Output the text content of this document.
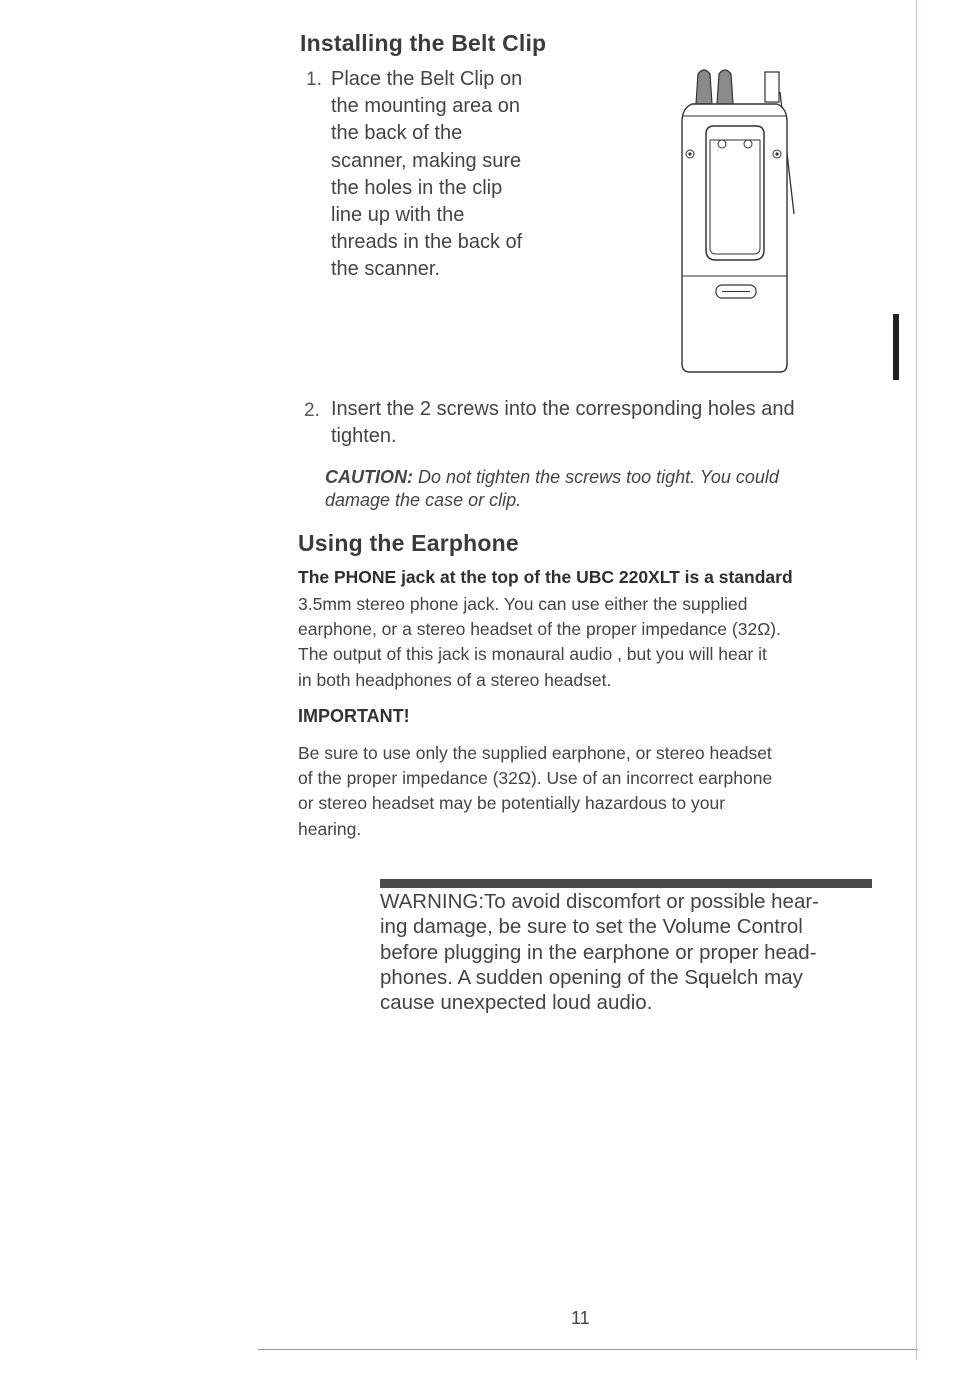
Installing the Belt Clip
1. Place the Belt Clip on
the mounting area on
the back of the
scanner, making sure
the holes in the clip
line up with the
threads in the back of
the scanner.
2. Insert the 2 screws into the corresponding holes and
tighten.
CAUTION: Do not tighten the screws too tight. You could
damage the case or clip.
Using the Earphone
The PHONE jack at the top of the UBC 220XLT is a standard
3.5mm stereo phone jack. You can use either the supplied
earphone, or a stereo headset of the proper impedance (32Ω).
The output of this jack is monaural audio , but you will hear it
in both headphones of a stereo headset.
IMPORTANT!
Be sure to use only the supplied earphone, or stereo headset
of the proper impedance (32Ω). Use of an incorrect earphone
or stereo headset may be potentially hazardous to your
hearing.
WARNING:To avoid discomfort or possible hear-
ing damage, be sure to set the Volume Control
before plugging in the earphone or proper head-
phones. A sudden opening of the Squelch may
cause unexpected loud audio.
11
